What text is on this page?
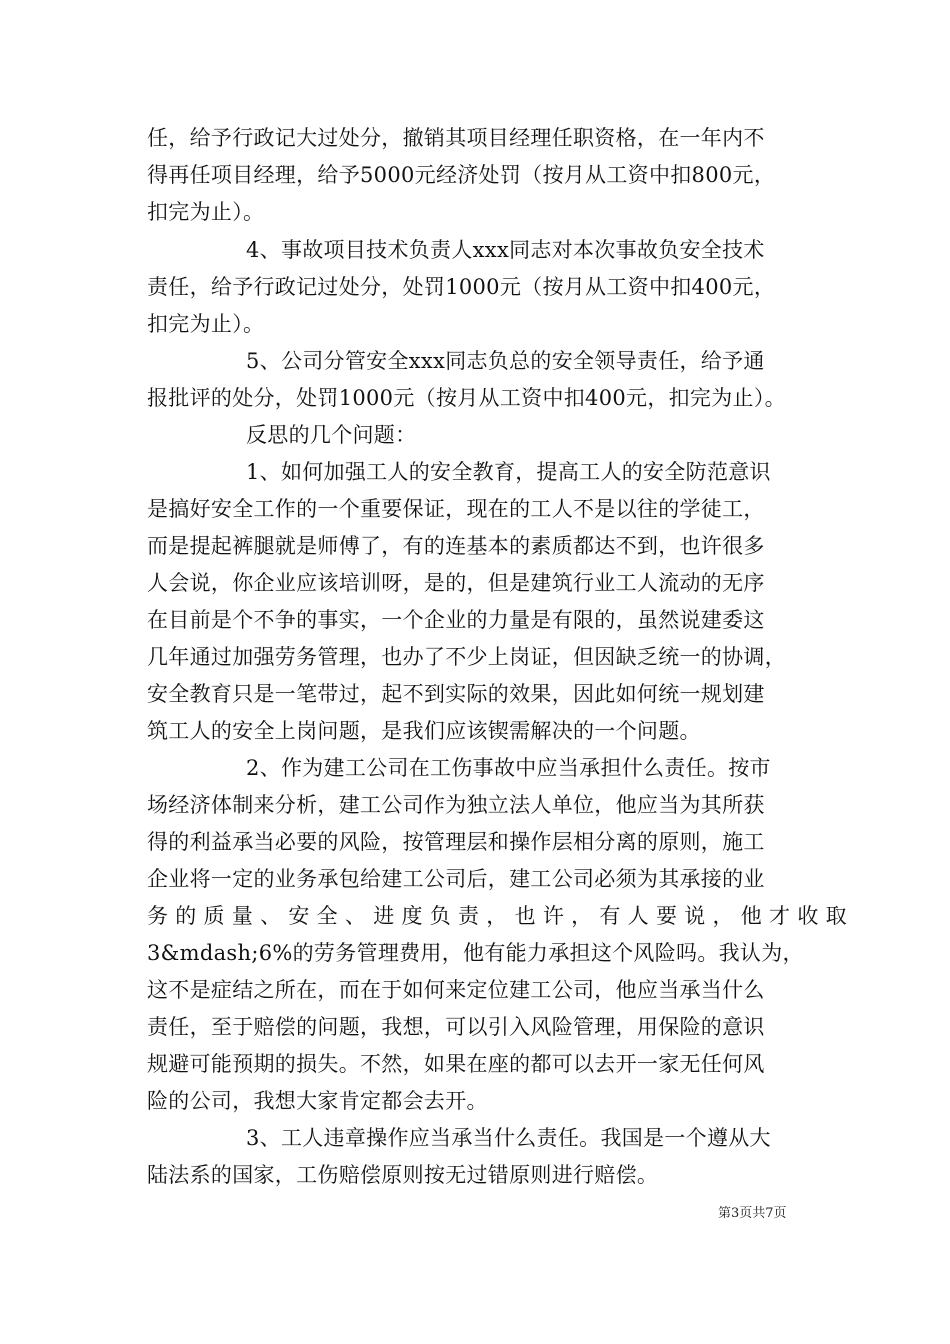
任，给予行政记大过处分，撤销其项目经理任职资格，在一年内不
得再任项目经理，给予5000元经济处罚（按月从工资中扣800元，
扣完为止）。
4、事故项目技术负责人xxx同志对本次事故负安全技术
责任，给予行政记过处分，处罚1000元（按月从工资中扣400元，
扣完为止）。
5、公司分管安全xxx同志负总的安全领导责任，给予通
报批评的处分，处罚1000元（按月从工资中扣400元，扣完为止）。
反思的几个问题：
1、如何加强工人的安全教育，提高工人的安全防范意识
是搞好安全工作的一个重要保证，现在的工人不是以往的学徒工，
而是提起裤腿就是师傅了，有的连基本的素质都达不到，也许很多
人会说，你企业应该培训呀，是的，但是建筑行业工人流动的无序
在目前是个不争的事实，一个企业的力量是有限的，虽然说建委这
几年通过加强劳务管理，也办了不少上岗证，但因缺乏统一的协调，
安全教育只是一笔带过，起不到实际的效果，因此如何统一规划建
筑工人的安全上岗问题，是我们应该锲需解决的一个问题。
2、作为建工公司在工伤事故中应当承担什么责任。按市
场经济体制来分析，建工公司作为独立法人单位，他应当为其所获
得的利益承当必要的风险，按管理层和操作层相分离的原则，施工
企业将一定的业务承包给建工公司后，建工公司必须为其承接的业
务 的 质 量 、 安 全 、 进 度 负 责 ， 也 许 ， 有 人 要 说 ， 他 才 收 取
3&mdash;6%的劳务管理费用，他有能力承担这个风险吗。我认为，
这不是症结之所在，而在于如何来定位建工公司，他应当承当什么
责任，至于赔偿的问题，我想，可以引入风险管理，用保险的意识
规避可能预期的损失。不然，如果在座的都可以去开一家无任何风
险的公司，我想大家肯定都会去开。
3、工人违章操作应当承当什么责任。我国是一个遵从大
陆法系的国家，工伤赔偿原则按无过错原则进行赔偿。
第3页共7页
